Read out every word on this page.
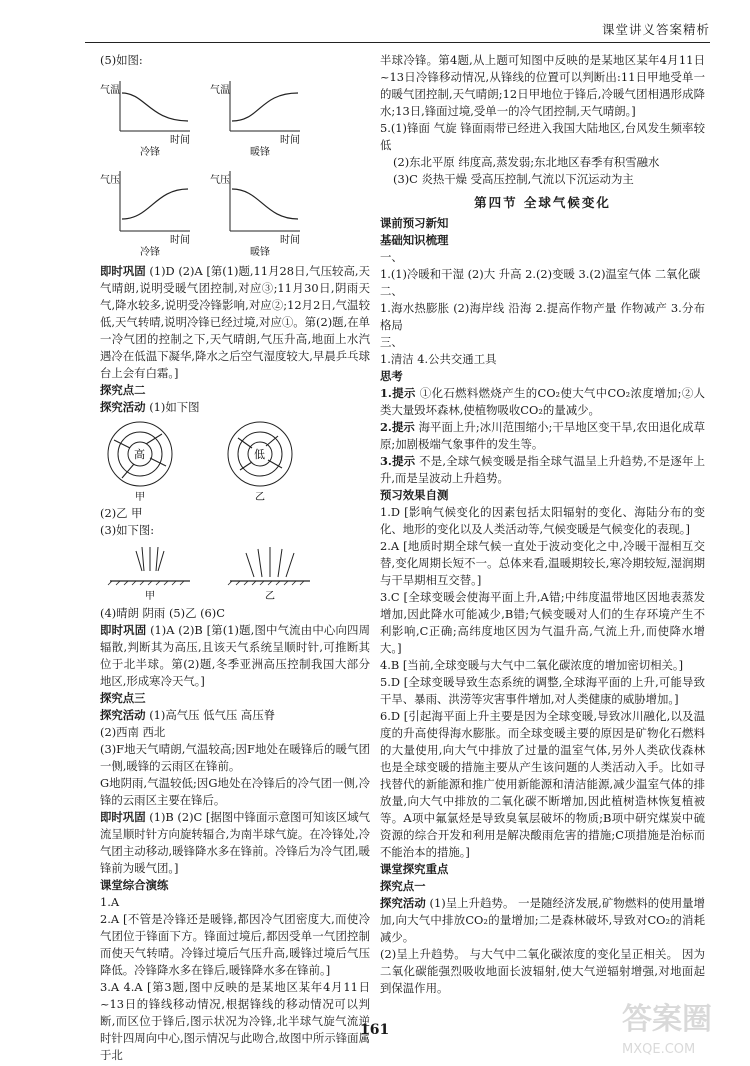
课堂讲义答案精析

(5)如图:

气温
时间
冷锋
气温
时间
暖锋
气压
时间
冷锋
气压
时间
暖锋

即时巩固 (1)D (2)A [第(1)题,11月28日,气压较高,天气晴朗,说明受暖气团控制,对应③;11月30日,阴雨天气,降水较多,说明受冷锋影响,对应②;12月2日,气温较低,天气转晴,说明冷锋已经过境,对应①。第(2)题,在单一冷气团的控制之下,天气晴朗,气压升高,地面上水汽遇冷在低温下凝华,降水之后空气湿度较大,早晨乒乓球台上会有白霜。]

探究点二

探究活动 (1)如下图

高
甲
低
乙

(2)乙 甲

(3)如下图:

甲	乙

(4)晴朗 阴雨 (5)乙 (6)C

即时巩固 (1)A (2)B [第(1)题,图中气流由中心向四周辐散,判断其为高压,且该天气系统呈顺时针,可推断其位于北半球。第(2)题,冬季亚洲高压控制我国大部分地区,形成寒冷天气。]

探究点三

探究活动 (1)高气压 低气压 高压脊

(2)西南 西北

(3)F地天气晴朗,气温较高;因F地处在暖锋后的暖气团一侧,暖锋的云雨区在锋前。

G地阴雨,气温较低;因G地处在冷锋后的冷气团一侧,冷锋的云雨区主要在锋后。

即时巩固 (1)B (2)C [据图中锋面示意图可知该区域气流呈顺时针方向旋转辐合,为南半球气旋。在冷锋处,冷气团主动移动,暖锋降水多在锋前。冷锋后为冷气团,暖锋前为暖气团。]

课堂综合演练

1.A

2.A [不管是冷锋还是暖锋,都因冷气团密度大,而使冷气团位于锋面下方。锋面过境后,都因受单一气团控制而使天气转晴。冷锋过境后气压升高,暖锋过境后气压降低。冷锋降水多在锋后,暖锋降水多在锋前。]

3.A 4.A [第3题,图中反映的是某地区某年4月11日~13日的锋线移动情况,根据锋线的移动情况可以判断,而区位于锋后,图示状况为冷锋,北半球气旋气流逆时针四周向中心,图示情况与此吻合,故图中所示锋面属于北

半球冷锋。第4题,从上题可知图中反映的是某地区某年4月11日~13日冷锋移动情况,从锋线的位置可以判断出:11日甲地受单一的暖气团控制,天气晴朗;12日甲地位于锋后,冷暖气团相遇形成降水;13日,锋面过境,受单一的冷气团控制,天气晴朗。]

5.(1)锋面 气旋 锋面雨带已经进入我国大陆地区,台风发生频率较低

(2)东北平原 纬度高,蒸发弱;东北地区春季有积雪融水

(3)C 炎热干燥 受高压控制,气流以下沉运动为主

第四节 全球气候变化

课前预习新知

基础知识梳理

一、

1.(1)冷暖和干湿 (2)大 升高 2.(2)变暖 3.(2)温室气体 二氧化碳

二、

1.海水热膨胀 (2)海岸线 沿海 2.提高作物产量 作物减产 3.分布格局

三、

1.清洁 4.公共交通工具

思考

1.提示 ①化石燃料燃烧产生的CO₂使大气中CO₂浓度增加;②人类大量毁坏森林,使植物吸收CO₂的量减少。

2.提示 海平面上升;冰川范围缩小;干旱地区变干旱,农田退化成草原;加剧极端气象事件的发生等。

3.提示 不是,全球气候变暖是指全球气温呈上升趋势,不是逐年上升,而是呈波动上升趋势。

预习效果自测

1.D [影响气候变化的因素包括太阳辐射的变化、海陆分布的变化、地形的变化以及人类活动等,气候变暖是气候变化的表现。]

2.A [地质时期全球气候一直处于波动变化之中,冷暖干湿相互交替,变化周期长短不一。总体来看,温暖期较长,寒冷期较短,湿润期与干旱期相互交替。]

3.C [全球变暖会使海平面上升,A错;中纬度温带地区因地表蒸发增加,因此降水可能减少,B错;气候变暖对人们的生存环境产生不利影响,C正确;高纬度地区因为气温升高,气流上升,而使降水增大。]

4.B [当前,全球变暖与大气中二氧化碳浓度的增加密切相关。]

5.D [全球变暖导致生态系统的调整,全球海平面的上升,可能导致干旱、暴雨、洪涝等灾害事件增加,对人类健康的威胁增加。]

6.D [引起海平面上升主要是因为全球变暖,导致冰川融化,以及温度的升高使得海水膨胀。而全球变暖主要的原因是矿物化石燃料的大量使用,向大气中排放了过量的温室气体,另外人类砍伐森林也是全球变暖的措施主要从产生该问题的人类活动入手。比如寻找替代的新能源和推广使用新能源和清洁能源,减少温室气体的排放量,向大气中排放的二氧化碳不断增加,因此植树造林恢复植被等。A项中氟氯烃是导致臭氧层破坏的物质;B项中研究煤炭中硫资源的综合开发和利用是解决酸雨危害的措施;C项措施是治标而不能治本的措施。]

课堂探究重点

探究点一

探究活动 (1)呈上升趋势。 一是随经济发展,矿物燃料的使用量增加,向大气中排放CO₂的量增加;二是森林破坏,导致对CO₂的消耗减少。

(2)呈上升趋势。 与大气中二氧化碳浓度的变化呈正相关。 因为二氧化碳能强烈吸收地面长波辐射,使大气逆辐射增强,对地面起到保温作用。

161	答案圈
MXQE.COM
